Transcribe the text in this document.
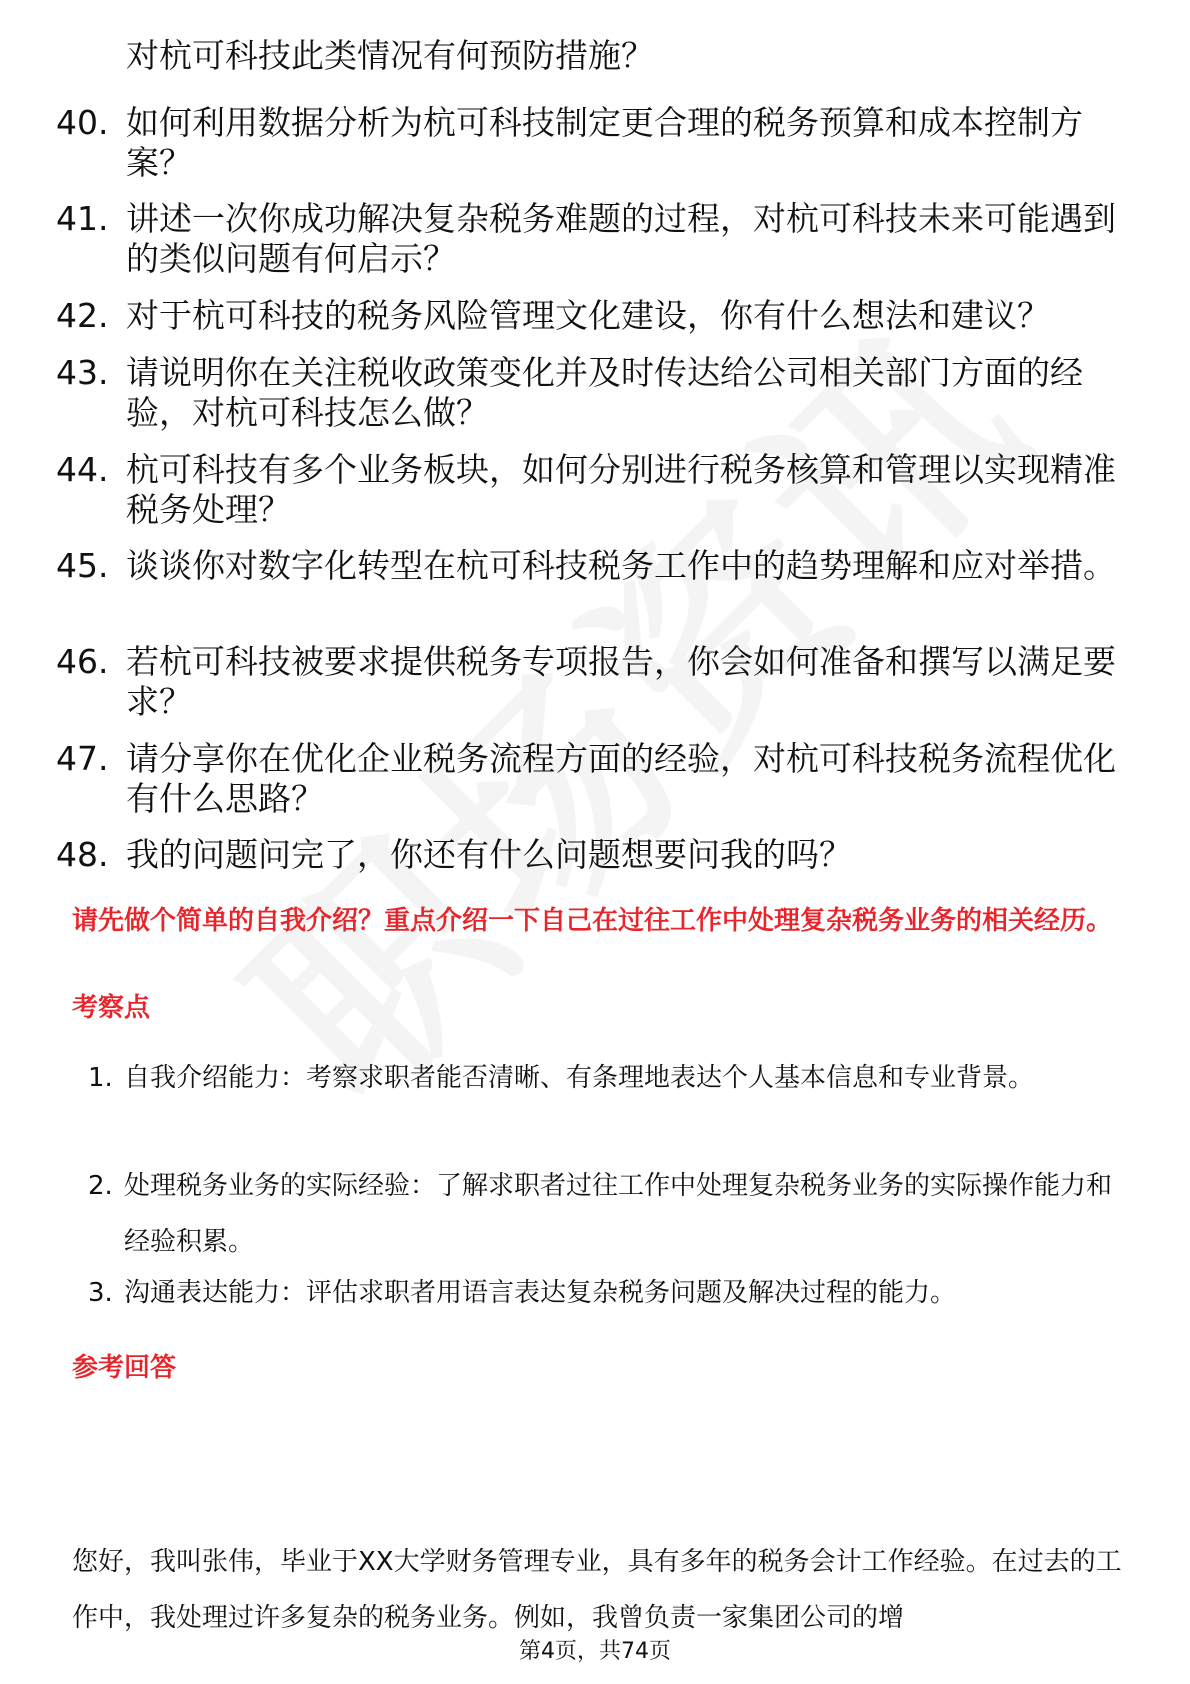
对杭可科技此类情况有何预防措施？
40. 如何利用数据分析为杭可科技制定更合理的税务预算和成本控制方案？
41. 讲述一次你成功解决复杂税务难题的过程，对杭可科技未来可能遇到的类似问题有何启示？
42. 对于杭可科技的税务风险管理文化建设，你有什么想法和建议？
43. 请说明你在关注税收政策变化并及时传达给公司相关部门方面的经验，对杭可科技怎么做？
44. 杭可科技有多个业务板块，如何分别进行税务核算和管理以实现精准税务处理？
45. 谈谈你对数字化转型在杭可科技税务工作中的趋势理解和应对举措。
46. 若杭可科技被要求提供税务专项报告，你会如何准备和撰写以满足要求？
47. 请分享你在优化企业税务流程方面的经验，对杭可科技税务流程优化有什么思路？
48. 我的问题问完了，你还有什么问题想要问我的吗？
请先做个简单的自我介绍？重点介绍一下自己在过往工作中处理复杂税务业务的相关经历。
考察点
1. 自我介绍能力：考察求职者能否清晰、有条理地表达个人基本信息和专业背景。
2. 处理税务业务的实际经验：了解求职者过往工作中处理复杂税务业务的实际操作能力和经验积累。
3. 沟通表达能力：评估求职者用语言表达复杂税务问题及解决过程的能力。
参考回答
您好，我叫张伟，毕业于XX大学财务管理专业，具有多年的税务会计工作经验。在过去的工作中，我处理过许多复杂的税务业务。例如，我曾负责一家集团公司的增
第4页，共74页
